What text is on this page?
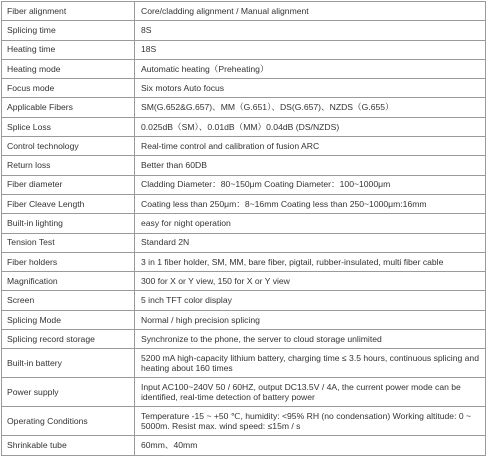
Fiber alignment	Core/cladding alignment / Manual alignment
Splicing time	8S
Heating time	18S
Heating mode	Automatic heating（Preheating）
Focus mode	Six motors Auto focus
Applicable Fibers	SM(G.652&G.657)、MM（G.651）、DS(G.657)、NZDS（G.655）
Splice Loss	0.025dB（SM）、0.01dB（MM）0.04dB (DS/NZDS)
Control technology	Real-time control and calibration of fusion ARC
Return loss	Better than 60DB
Fiber diameter	Cladding Diameter：80~150μm Coating Diameter：100~1000μm
Fiber Cleave Length	Coating less than 250μm：8~16mm Coating less than 250~1000μm:16mm
Built-in lighting	easy for night operation
Tension Test	Standard 2N
Fiber holders	3 in 1 fiber holder, SM, MM, bare fiber, pigtail, rubber-insulated, multi fiber cable
Magnification	300 for X or Y view, 150 for X or Y view
Screen	5 inch TFT color display
Splicing Mode	Normal / high precision splicing
Splicing record storage	Synchronize to the phone, the server to cloud storage unlimited
Built-in battery	5200 mA high-capacity lithium battery, charging time ≤ 3.5 hours, continuous splicing and heating about 160 times
Power supply	Input AC100~240V 50 / 60HZ, output DC13.5V / 4A, the current power mode can be identified, real-time detection of battery power
Operating Conditions	Temperature -15 ~ +50 ℃, humidity: <95% RH (no condensation) Working altitude: 0 ~ 5000m. Resist max. wind speed: ≤15m / s
Shrinkable tube	60mm、40mm
